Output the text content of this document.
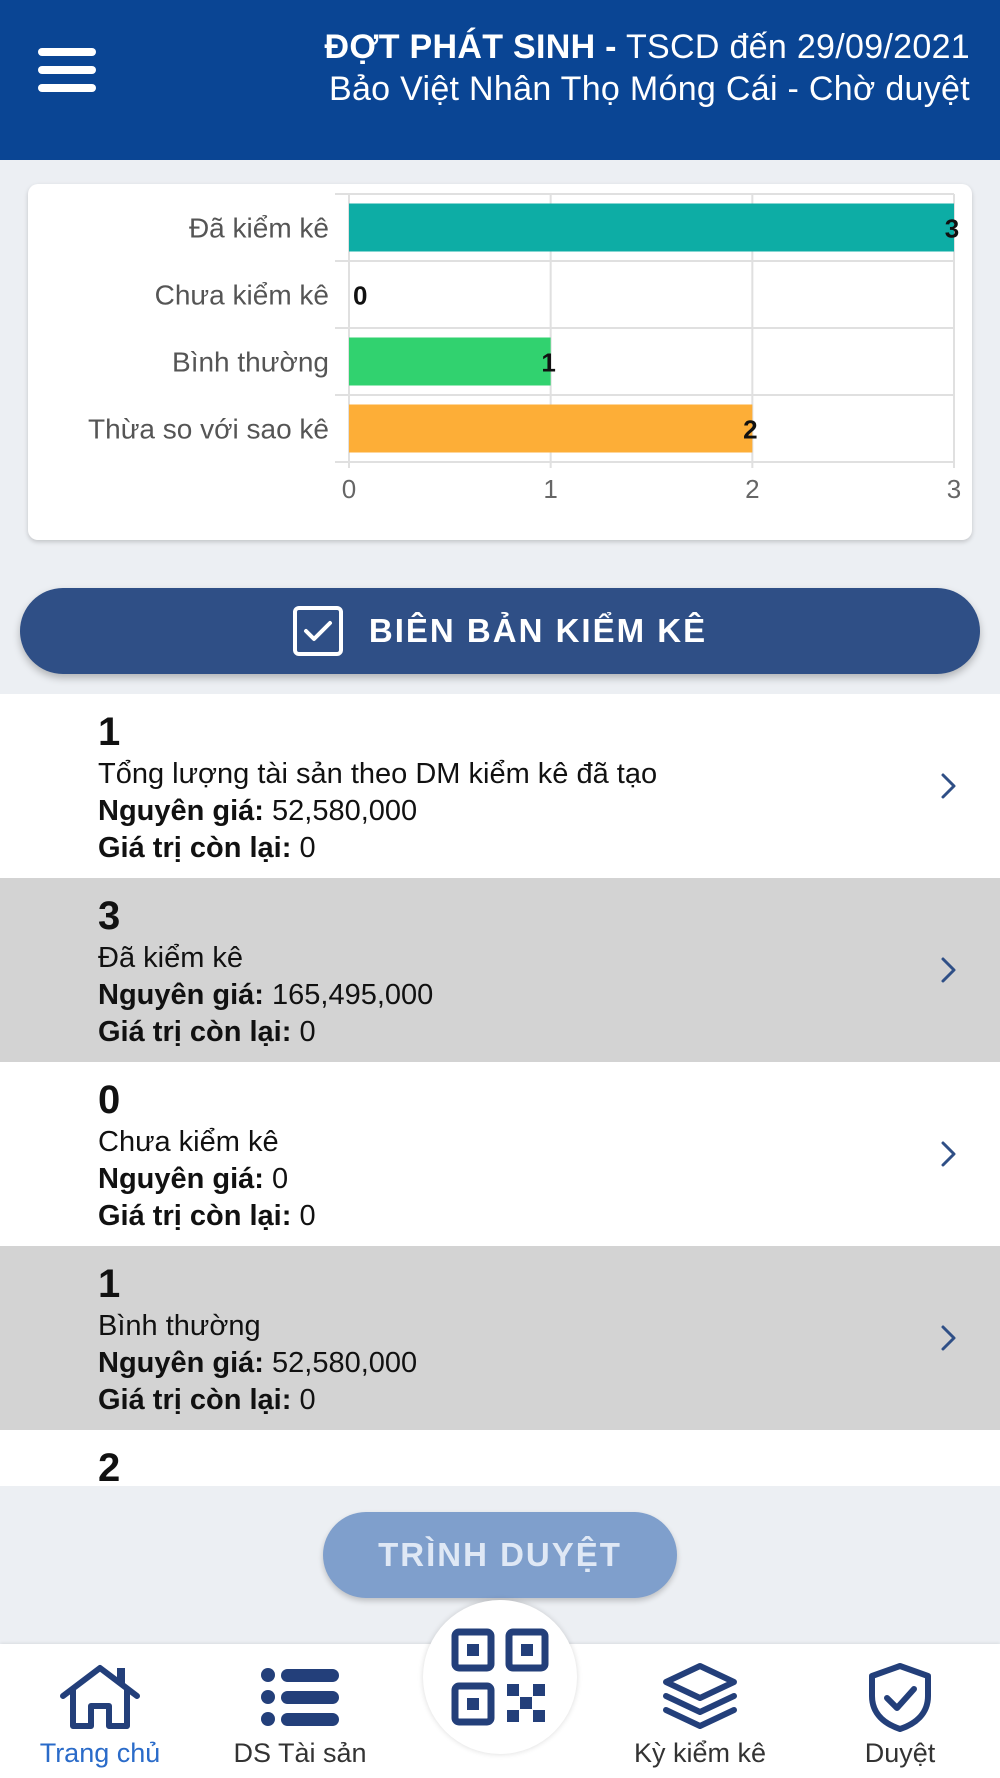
ĐỢT PHÁT SINH - TSCD đến 29/09/2021
Bảo Việt Nhân Thọ Móng Cái - Chờ duyệt
Đã kiểm kê	3
Chưa kiểm kê 0
Bình thường	1
Thừa so với sao kê	2
0	1	2	3
BIÊN BẢN KIỂM KÊ
1
Tổng lượng tài sản theo DM kiểm kê đã tạo
Nguyên giá: 52,580,000
Giá trị còn lại: 0
3
Đã kiểm kê
Nguyên giá: 165,495,000
Giá trị còn lại: 0
0
Chưa kiểm kê
Nguyên giá: 0
Giá trị còn lại: 0
1
Bình thường
Nguyên giá: 52,580,000
Giá trị còn lại: 0
2
TRÌNH DUYỆT
Trang chủ	DS Tài sản	Kỳ kiểm kê	Duyệt
